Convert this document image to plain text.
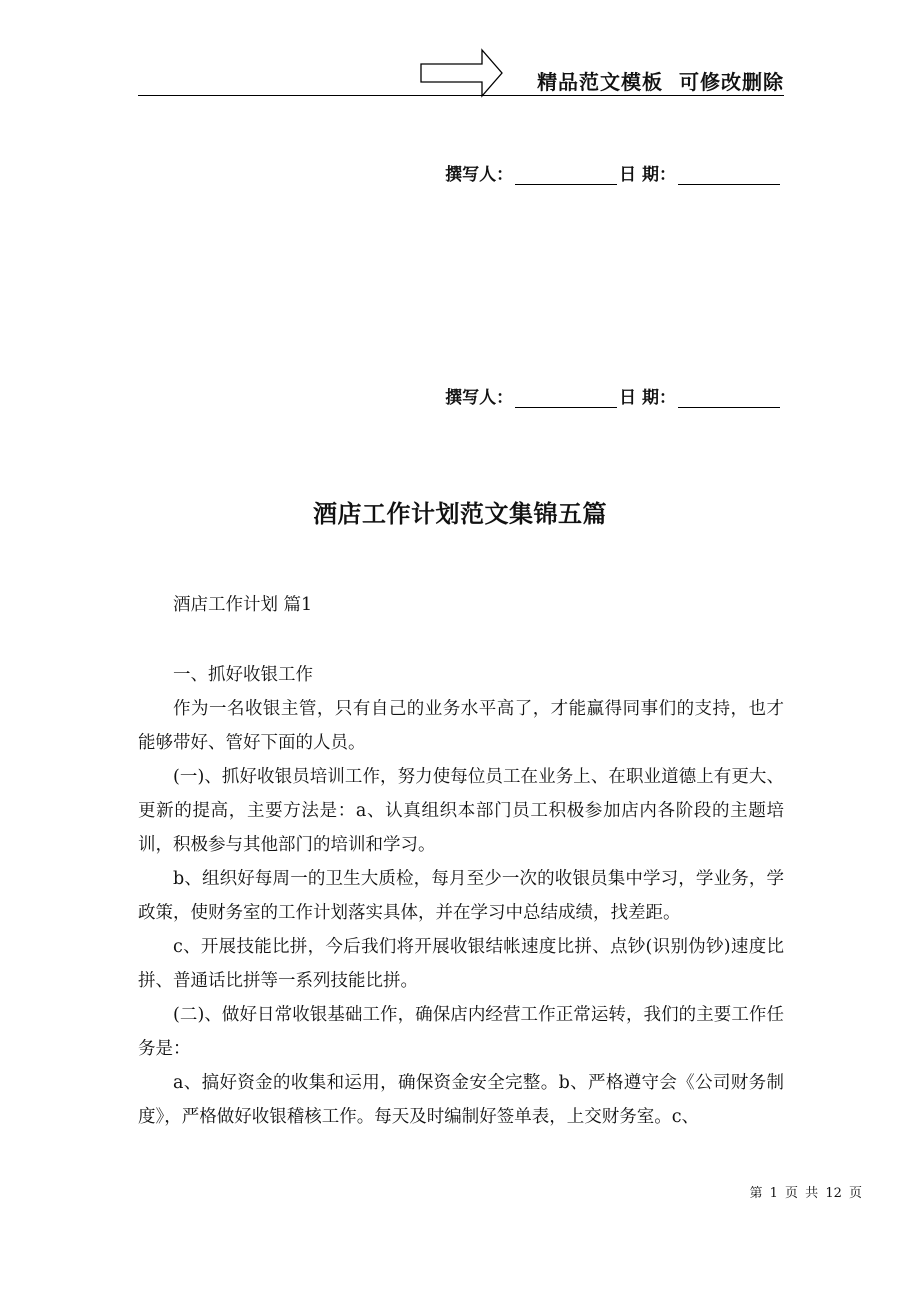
精品范文模板  可修改删除
撰写人：	日 期：
撰写人：	日 期：
酒店工作计划范文集锦五篇

酒店工作计划 篇1

一、抓好收银工作

作为一名收银主管，只有自己的业务水平高了，才能赢得同事们的支持，也才能够带好、管好下面的人员。

(一)、抓好收银员培训工作，努力使每位员工在业务上、在职业道德上有更大、更新的提高，主要方法是：a、认真组织本部门员工积极参加店内各阶段的主题培训，积极参与其他部门的培训和学习。

b、组织好每周一的卫生大质检，每月至少一次的收银员集中学习，学业务，学政策，使财务室的工作计划落实具体，并在学习中总结成绩，找差距。

c、开展技能比拼，今后我们将开展收银结帐速度比拼、点钞(识别伪钞)速度比拼、普通话比拼等一系列技能比拼。

(二)、做好日常收银基础工作，确保店内经营工作正常运转，我们的主要工作任务是：

a、搞好资金的收集和运用，确保资金安全完整。b、严格遵守会《公司财务制度》，严格做好收银稽核工作。每天及时编制好签单表，上交财务室。c、

第 1 页 共 12 页
